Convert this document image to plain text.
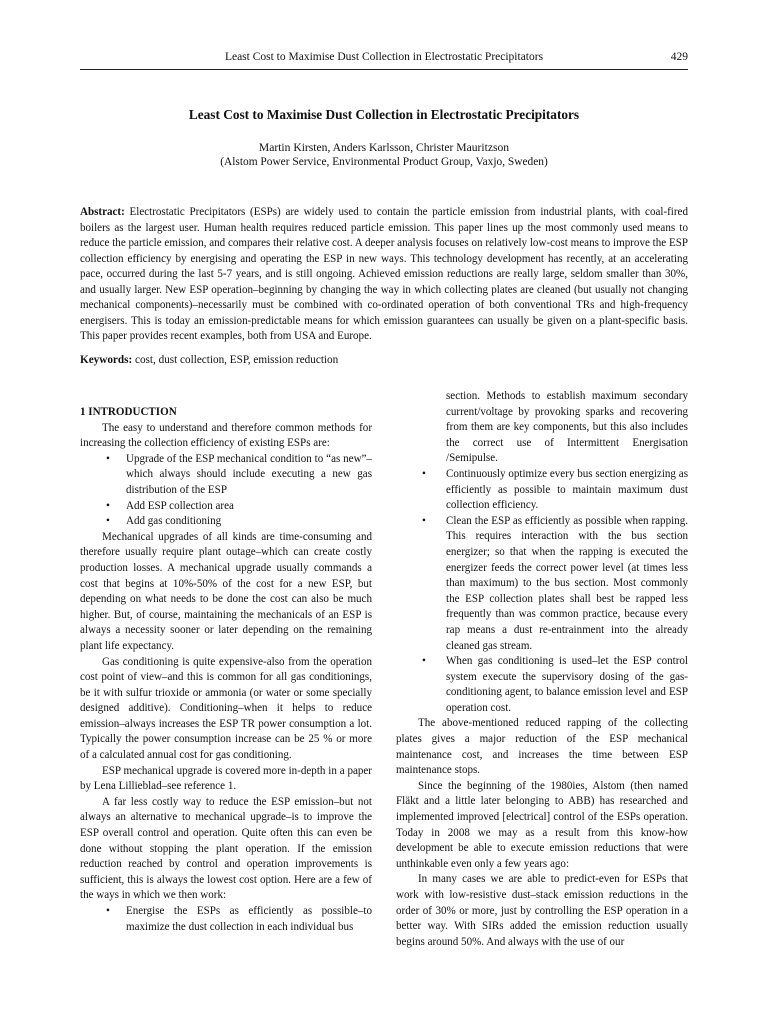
Least Cost to Maximise Dust Collection in Electrostatic Precipitators	429
Least Cost to Maximise Dust Collection in Electrostatic Precipitators
Martin Kirsten, Anders Karlsson, Christer Mauritzson
(Alstom Power Service, Environmental Product Group, Vaxjo, Sweden)
Abstract: Electrostatic Precipitators (ESPs) are widely used to contain the particle emission from industrial plants, with coal-fired boilers as the largest user. Human health requires reduced particle emission. This paper lines up the most commonly used means to reduce the particle emission, and compares their relative cost. A deeper analysis focuses on relatively low-cost means to improve the ESP collection efficiency by energising and operating the ESP in new ways. This technology development has recently, at an accelerating pace, occurred during the last 5-7 years, and is still ongoing. Achieved emission reductions are really large, seldom smaller than 30%, and usually larger. New ESP operation–beginning by changing the way in which collecting plates are cleaned (but usually not changing mechanical components)–necessarily must be combined with co-ordinated operation of both conventional TRs and high-frequency energisers. This is today an emission-predictable means for which emission guarantees can usually be given on a plant-specific basis. This paper provides recent examples, both from USA and Europe.
Keywords: cost, dust collection, ESP, emission reduction

1 INTRODUCTION

The easy to understand and therefore common methods for increasing the collection efficiency of existing ESPs are:

• Upgrade of the ESP mechanical condition to “as new”–which always should include executing a new gas distribution of the ESP
• Add ESP collection area
• Add gas conditioning

Mechanical upgrades of all kinds are time-consuming and therefore usually require plant outage–which can create costly production losses. A mechanical upgrade usually commands a cost that begins at 10%-50% of the cost for a new ESP, but depending on what needs to be done the cost can also be much higher. But, of course, maintaining the mechanicals of an ESP is always a necessity sooner or later depending on the remaining plant life expectancy.

Gas conditioning is quite expensive-also from the operation cost point of view–and this is common for all gas conditionings, be it with sulfur trioxide or ammonia (or water or some specially designed additive). Conditioning–when it helps to reduce emission–always increases the ESP TR power consumption a lot. Typically the power consumption increase can be 25 % or more of a calculated annual cost for gas conditioning.

ESP mechanical upgrade is covered more in-depth in a paper by Lena Lillieblad–see reference 1.

A far less costly way to reduce the ESP emission–but not always an alternative to mechanical upgrade–is to improve the ESP overall control and operation. Quite often this can even be done without stopping the plant operation. If the emission reduction reached by control and operation improvements is sufficient, this is always the lowest cost option. Here are a few of the ways in which we then work:

• Energise the ESPs as efficiently as possible–to maximize the dust collection in each individual bus

section. Methods to establish maximum secondary current/voltage by provoking sparks and recovering from them are key components, but this also includes the correct use of Intermittent Energisation /Semipulse.

• Continuously optimize every bus section energizing as efficiently as possible to maintain maximum dust collection efficiency.
• Clean the ESP as efficiently as possible when rapping. This requires interaction with the bus section energizer; so that when the rapping is executed the energizer feeds the correct power level (at times less than maximum) to the bus section. Most commonly the ESP collection plates shall best be rapped less frequently than was common practice, because every rap means a dust re-entrainment into the already cleaned gas stream.
• When gas conditioning is used–let the ESP control system execute the supervisory dosing of the gas-conditioning agent, to balance emission level and ESP operation cost.

The above-mentioned reduced rapping of the collecting plates gives a major reduction of the ESP mechanical maintenance cost, and increases the time between ESP maintenance stops.

Since the beginning of the 1980ies, Alstom (then named Fläkt and a little later belonging to ABB) has researched and implemented improved [electrical] control of the ESPs operation. Today in 2008 we may as a result from this know-how development be able to execute emission reductions that were unthinkable even only a few years ago:

In many cases we are able to predict-even for ESPs that work with low-resistive dust–stack emission reductions in the order of 30% or more, just by controlling the ESP operation in a better way. With SIRs added the emission reduction usually begins around 50%. And always with the use of our
